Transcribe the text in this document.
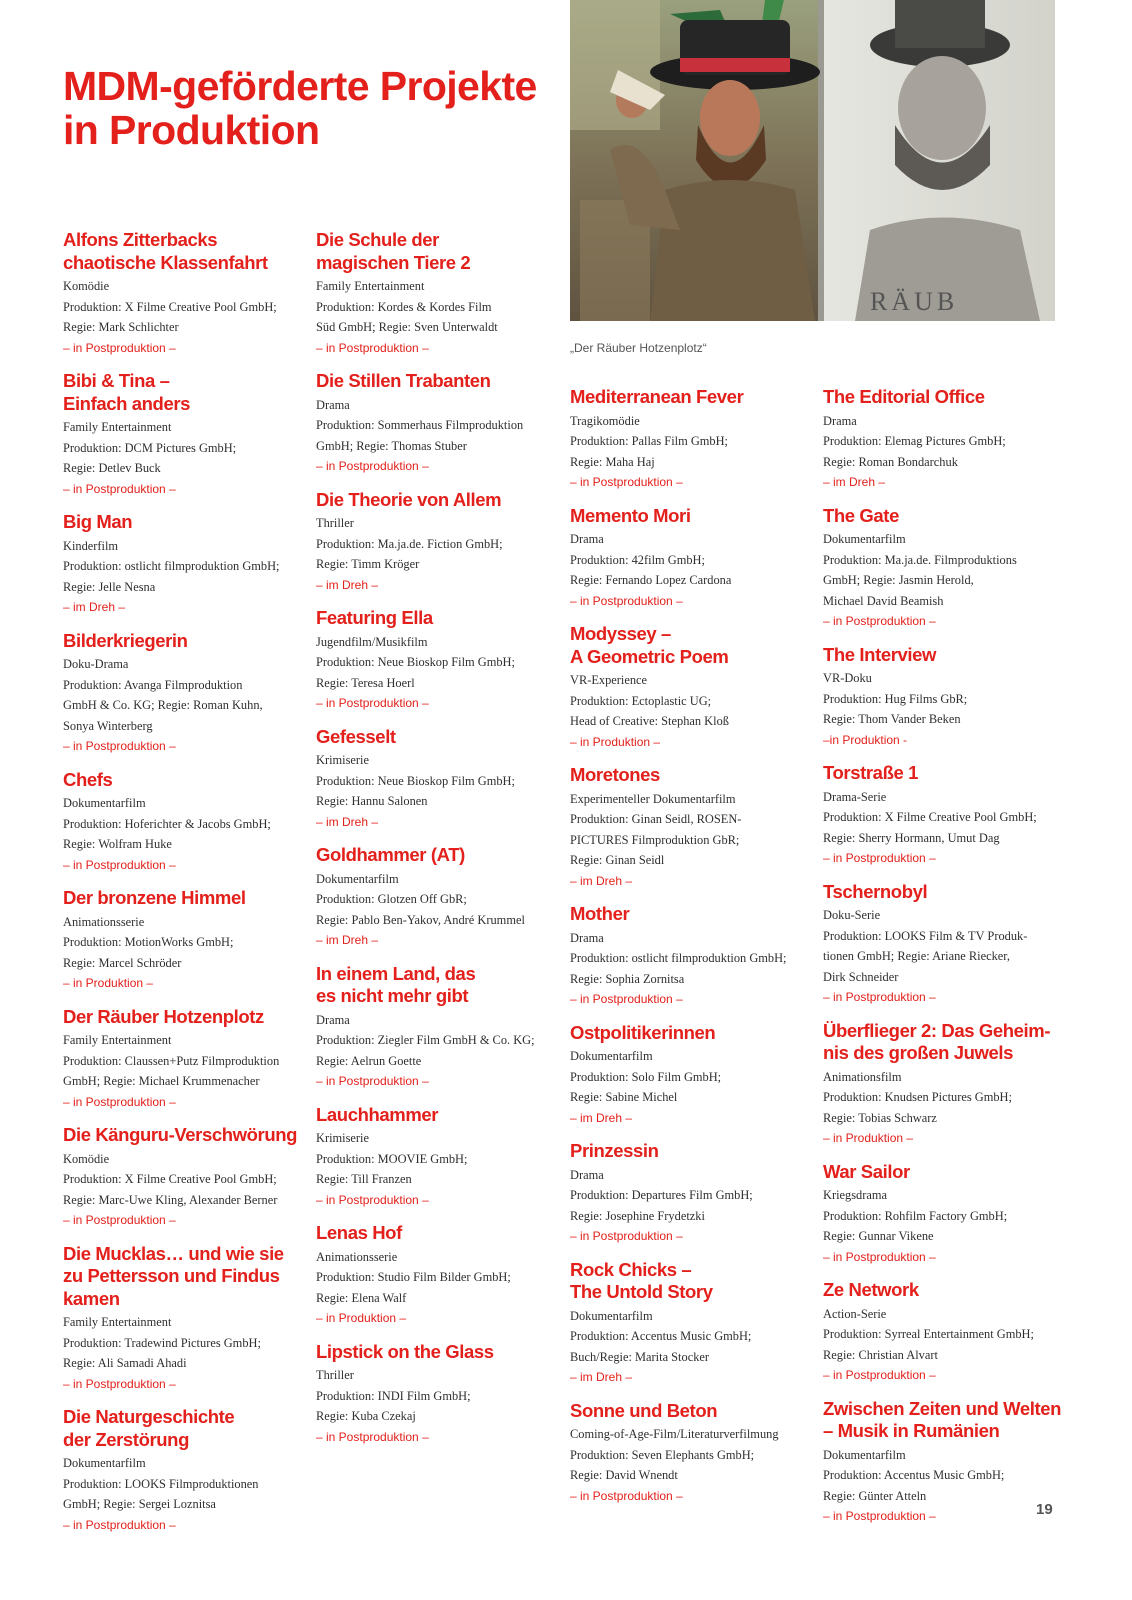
MDM-geförderte Projekte
in Produktion
RÄUB

„Der Räuber Hotzenplotz“

Alfons Zitterbacks
chaotische Klassenfahrt
Komödie
Produktion: X Filme Creative Pool GmbH;
Regie: Mark Schlichter
– in Postproduktion –
Bibi & Tina –
Einfach anders
Family Entertainment
Produktion: DCM Pictures GmbH;
Regie: Detlev Buck
– in Postproduktion –
Big Man
Kinderfilm
Produktion: ostlicht filmproduktion GmbH;
Regie: Jelle Nesna
– im Dreh –
Bilderkriegerin
Doku-Drama
Produktion: Avanga Filmproduktion
GmbH & Co. KG; Regie: Roman Kuhn,
Sonya Winterberg
– in Postproduktion –
Chefs
Dokumentarfilm
Produktion: Hoferichter & Jacobs GmbH;
Regie: Wolfram Huke
– in Postproduktion –
Der bronzene Himmel
Animationsserie
Produktion: MotionWorks GmbH;
Regie: Marcel Schröder
– in Produktion –
Der Räuber Hotzenplotz
Family Entertainment
Produktion: Claussen+Putz Filmproduktion
GmbH; Regie: Michael Krummenacher
– in Postproduktion –
Die Känguru-Verschwörung
Komödie
Produktion: X Filme Creative Pool GmbH;
Regie: Marc-Uwe Kling, Alexander Berner
– in Postproduktion –
Die Mucklas… und wie sie
zu Pettersson und Findus
kamen
Family Entertainment
Produktion: Tradewind Pictures GmbH;
Regie: Ali Samadi Ahadi
– in Postproduktion –
Die Naturgeschichte
der Zerstörung
Dokumentarfilm
Produktion: LOOKS Filmproduktionen
GmbH; Regie: Sergei Loznitsa
– in Postproduktion –
Die Schule der
magischen Tiere 2
Family Entertainment
Produktion: Kordes & Kordes Film
Süd GmbH; Regie: Sven Unterwaldt
– in Postproduktion –
Die Stillen Trabanten
Drama
Produktion: Sommerhaus Filmproduktion
GmbH; Regie: Thomas Stuber
– in Postproduktion –
Die Theorie von Allem
Thriller
Produktion: Ma.ja.de. Fiction GmbH;
Regie: Timm Kröger
– im Dreh –
Featuring Ella
Jugendfilm/Musikfilm
Produktion: Neue Bioskop Film GmbH;
Regie: Teresa Hoerl
– in Postproduktion –
Gefesselt
Krimiserie
Produktion: Neue Bioskop Film GmbH;
Regie: Hannu Salonen
– im Dreh –
Goldhammer (AT)
Dokumentarfilm
Produktion: Glotzen Off GbR;
Regie: Pablo Ben-Yakov, André Krummel
– im Dreh –
In einem Land, das
es nicht mehr gibt
Drama
Produktion: Ziegler Film GmbH & Co. KG;
Regie: Aelrun Goette
– in Postproduktion –
Lauchhammer
Krimiserie
Produktion: MOOVIE GmbH;
Regie: Till Franzen
– in Postproduktion –
Lenas Hof
Animationsserie
Produktion: Studio Film Bilder GmbH;
Regie: Elena Walf
– in Produktion –
Lipstick on the Glass
Thriller
Produktion: INDI Film GmbH;
Regie: Kuba Czekaj
– in Postproduktion –
Mediterranean Fever
Tragikomödie
Produktion: Pallas Film GmbH;
Regie: Maha Haj
– in Postproduktion –
Memento Mori
Drama
Produktion: 42film GmbH;
Regie: Fernando Lopez Cardona
– in Postproduktion –
Modyssey –
A Geometric Poem
VR-Experience
Produktion: Ectoplastic UG;
Head of Creative: Stephan Kloß
– in Produktion –
Moretones
Experimenteller Dokumentarfilm
Produktion: Ginan Seidl, ROSEN-
PICTURES Filmproduktion GbR;
Regie: Ginan Seidl
– im Dreh –
Mother
Drama
Produktion: ostlicht filmproduktion GmbH;
Regie: Sophia Zornitsa
– in Postproduktion –
Ostpolitikerinnen
Dokumentarfilm
Produktion: Solo Film GmbH;
Regie: Sabine Michel
– im Dreh –
Prinzessin
Drama
Produktion: Departures Film GmbH;
Regie: Josephine Frydetzki
– in Postproduktion –
Rock Chicks –
The Untold Story
Dokumentarfilm
Produktion: Accentus Music GmbH;
Buch/Regie: Marita Stocker
– im Dreh –
Sonne und Beton
Coming-of-Age-Film/Literaturverfilmung
Produktion: Seven Elephants GmbH;
Regie: David Wnendt
– in Postproduktion –
The Editorial Office
Drama
Produktion: Elemag Pictures GmbH;
Regie: Roman Bondarchuk
– im Dreh –
The Gate
Dokumentarfilm
Produktion: Ma.ja.de. Filmproduktions
GmbH; Regie: Jasmin Herold,
Michael David Beamish
– in Postproduktion –
The Interview
VR-Doku
Produktion: Hug Films GbR;
Regie: Thom Vander Beken
–in Produktion -
Torstraße 1
Drama-Serie
Produktion: X Filme Creative Pool GmbH;
Regie: Sherry Hormann, Umut Dag
– in Postproduktion –
Tschernobyl
Doku-Serie
Produktion: LOOKS Film & TV Produk-
tionen GmbH; Regie: Ariane Riecker,
Dirk Schneider
– in Postproduktion –
Überflieger 2: Das Geheim-
nis des großen Juwels
Animationsfilm
Produktion: Knudsen Pictures GmbH;
Regie: Tobias Schwarz
– in Produktion –
War Sailor
Kriegsdrama
Produktion: Rohfilm Factory GmbH;
Regie: Gunnar Vikene
– in Postproduktion –
Ze Network
Action-Serie
Produktion: Syrreal Entertainment GmbH;
Regie: Christian Alvart
– in Postproduktion –
Zwischen Zeiten und Welten
– Musik in Rumänien
Dokumentarfilm
Produktion: Accentus Music GmbH;
Regie: Günter Atteln
– in Postproduktion –	19
